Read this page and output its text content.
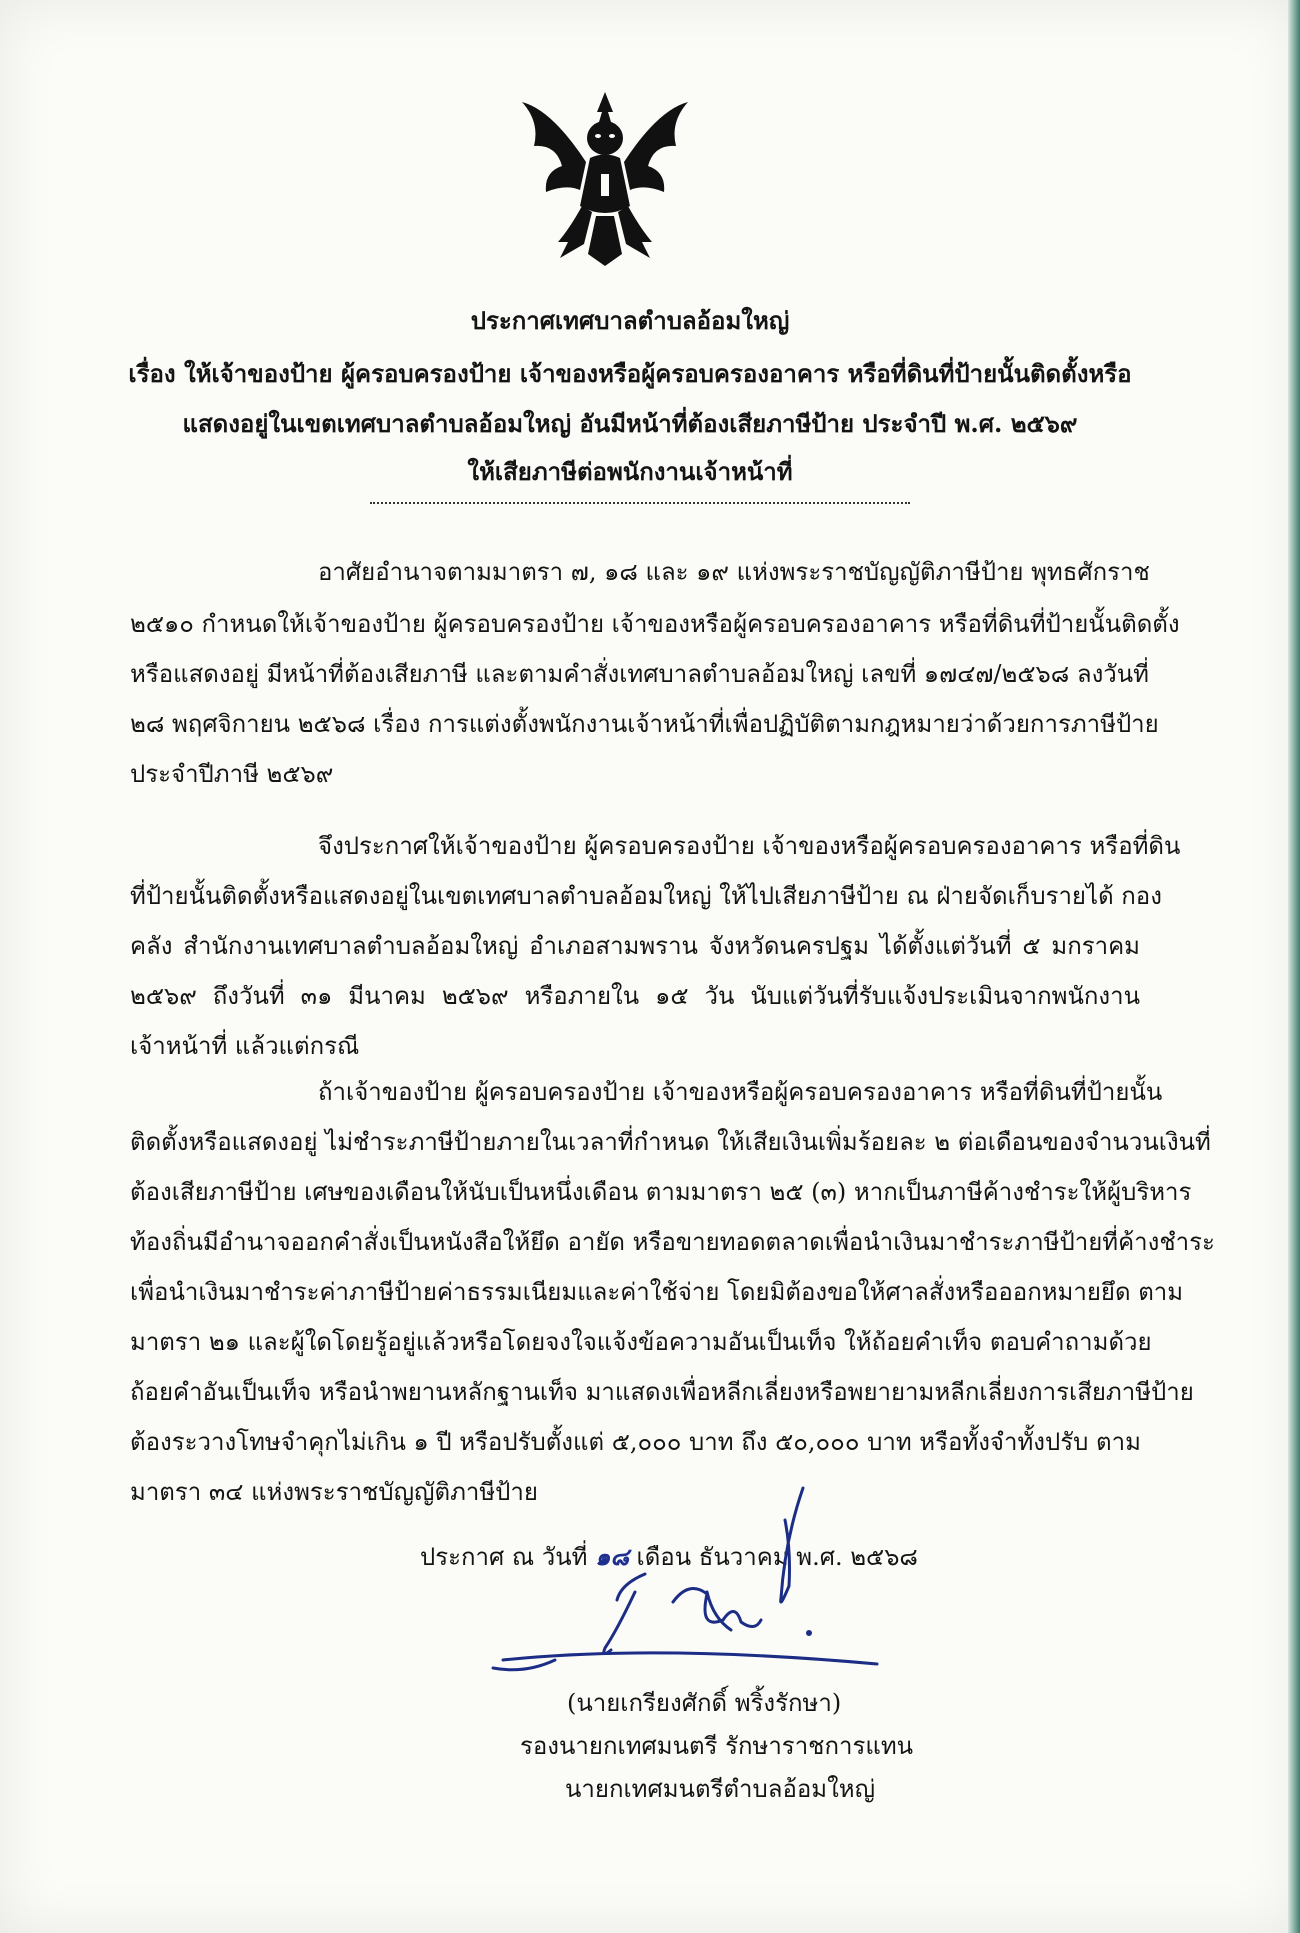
ประกาศเทศบาลตำบลอ้อมใหญ่
เรื่อง ให้เจ้าของป้าย ผู้ครอบครองป้าย เจ้าของหรือผู้ครอบครองอาคาร หรือที่ดินที่ป้ายนั้นติดตั้งหรือ
แสดงอยู่ในเขตเทศบาลตำบลอ้อมใหญ่ อันมีหน้าที่ต้องเสียภาษีป้าย ประจำปี พ.ศ. ๒๕๖๙
ให้เสียภาษีต่อพนักงานเจ้าหน้าที่
อาศัยอำนาจตามมาตรา ๗, ๑๘ และ ๑๙ แห่งพระราชบัญญัติภาษีป้าย พุทธศักราช
๒๕๑๐ กำหนดให้เจ้าของป้าย ผู้ครอบครองป้าย เจ้าของหรือผู้ครอบครองอาคาร หรือที่ดินที่ป้ายนั้นติดตั้ง
หรือแสดงอยู่ มีหน้าที่ต้องเสียภาษี และตามคำสั่งเทศบาลตำบลอ้อมใหญ่ เลขที่ ๑๗๔๗/๒๕๖๘ ลงวันที่
๒๘ พฤศจิกายน ๒๕๖๘ เรื่อง การแต่งตั้งพนักงานเจ้าหน้าที่เพื่อปฏิบัติตามกฎหมายว่าด้วยการภาษีป้าย
ประจำปีภาษี ๒๕๖๙
จึงประกาศให้เจ้าของป้าย ผู้ครอบครองป้าย เจ้าของหรือผู้ครอบครองอาคาร หรือที่ดิน
ที่ป้ายนั้นติดตั้งหรือแสดงอยู่ในเขตเทศบาลตำบลอ้อมใหญ่ ให้ไปเสียภาษีป้าย ณ ฝ่ายจัดเก็บรายได้ กอง
คลัง สำนักงานเทศบาลตำบลอ้อมใหญ่ อำเภอสามพราน จังหวัดนครปฐม ได้ตั้งแต่วันที่ ๕ มกราคม
๒๕๖๙ ถึงวันที่ ๓๑ มีนาคม ๒๕๖๙ หรือภายใน ๑๕ วัน นับแต่วันที่รับแจ้งประเมินจากพนักงาน
เจ้าหน้าที่ แล้วแต่กรณี
ถ้าเจ้าของป้าย ผู้ครอบครองป้าย เจ้าของหรือผู้ครอบครองอาคาร หรือที่ดินที่ป้ายนั้น
ติดตั้งหรือแสดงอยู่ ไม่ชำระภาษีป้ายภายในเวลาที่กำหนด ให้เสียเงินเพิ่มร้อยละ ๒ ต่อเดือนของจำนวนเงินที่
ต้องเสียภาษีป้าย เศษของเดือนให้นับเป็นหนึ่งเดือน ตามมาตรา ๒๕ (๓) หากเป็นภาษีค้างชำระให้ผู้บริหาร
ท้องถิ่นมีอำนาจออกคำสั่งเป็นหนังสือให้ยึด อายัด หรือขายทอดตลาดเพื่อนำเงินมาชำระภาษีป้ายที่ค้างชำระ
เพื่อนำเงินมาชำระค่าภาษีป้ายค่าธรรมเนียมและค่าใช้จ่าย โดยมิต้องขอให้ศาลสั่งหรือออกหมายยึด ตาม
มาตรา ๒๑ และผู้ใดโดยรู้อยู่แล้วหรือโดยจงใจแจ้งข้อความอันเป็นเท็จ ให้ถ้อยคำเท็จ ตอบคำถามด้วย
ถ้อยคำอันเป็นเท็จ หรือนำพยานหลักฐานเท็จ มาแสดงเพื่อหลีกเลี่ยงหรือพยายามหลีกเลี่ยงการเสียภาษีป้าย
ต้องระวางโทษจำคุกไม่เกิน ๑ ปี หรือปรับตั้งแต่ ๕,๐๐๐ บาท ถึง ๕๐,๐๐๐ บาท หรือทั้งจำทั้งปรับ ตาม
มาตรา ๓๔ แห่งพระราชบัญญัติภาษีป้าย
ประกาศ ณ วันที่ ๑๘ เดือน ธันวาคม พ.ศ. ๒๕๖๘
(นายเกรียงศักดิ์ พริ้งรักษา)
รองนายกเทศมนตรี รักษาราชการแทน
นายกเทศมนตรีตำบลอ้อมใหญ่
